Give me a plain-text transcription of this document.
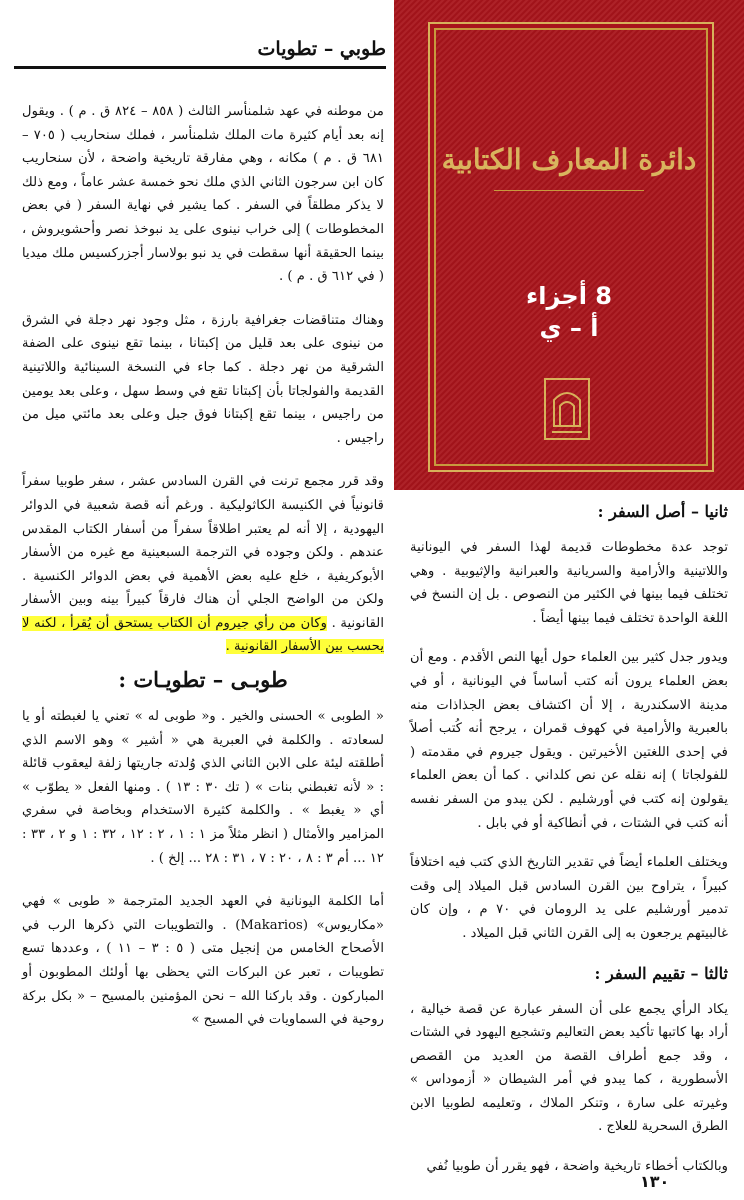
طوبي – تطويات

من موطنه في عهد شلمنأسر الثالث ( ٨٥٨ – ٨٢٤ ق . م ) . ويقول إنه بعد أيام كثيرة مات الملك شلمنأسر ، فملك سنحاريب ( ٧٠٥ – ٦٨١ ق . م ) مكانه ، وهي مفارقة تاريخية واضحة ، لأن سنحاريب كان ابن سرجون الثاني الذي ملك نحو خمسة عشر عاماً ، ومع ذلك لا يذكر مطلقاً في السفر . كما يشير في نهاية السفر ( في بعض المخطوطات ) إلى خراب نينوى على يد نبوخذ نصر وأحشويروش ، بينما الحقيقة أنها سقطت في يد نبو بولاسار أجزركسيس ملك ميديا ( في ٦١٢ ق . م ) .

وهناك متناقضات جغرافية بارزة ، مثل وجود نهر دجلة في الشرق من نينوى على بعد قليل من إكبتانا ، بينما تقع نينوى على الضفة الشرقية من نهر دجلة . كما جاء في النسخة السينائية واللاتينية القديمة والفولجاتا بأن إكبتانا تقع في وسط سهل ، وعلى بعد يومين من راجيس ، بينما تقع إكبتانا فوق جبل وعلى بعد مائتي ميل من راجيس .

وقد قرر مجمع ترنت في القرن السادس عشر ، سفر طوبيا سفراً قانونياً في الكنيسة الكاثوليكية . ورغم أنه قصة شعبية في الدوائر اليهودية ، إلا أنه لم يعتبر اطلاقاً سفراً من أسفار الكتاب المقدس عندهم . ولكن وجوده في الترجمة السبعينية مع غيره من الأسفار الأبوكريفية ، خلع عليه بعض الأهمية في بعض الدوائر الكنسية . ولكن من الواضح الجلي أن هناك فارقاً كبيراً بينه وبين الأسفار القانونية . وكان من رأي جيروم أن الكتاب يستحق أن يُقرأ ، لكنه لا يحسب بين الأسفار القانونية .

طوبـى – تطويـات :

« الطوبى » الحسنى والخير . و« طوبى له » تعني يا لغبطته أو يا لسعادته . والكلمة في العبرية هي « أشير » وهو الاسم الذي أطلقته ليئة على الابن الثاني الذي وُلدته جاريتها زلفة ليعقوب قائلة : « لأنه تغبطني بنات » ( تك ٣٠ : ١٣ ) . ومنها الفعل « يطوّب » أي « يغبط » . والكلمة كثيرة الاستخدام وبخاصة في سفري المزامير والأمثال ( انظر مثلاً مز ١ : ١ ، ٢ : ١٢ ، ٣٢ : ١ و ٢ ، ٣٣ : ١٢ ... أم ٣ : ٨ ، ٢٠ : ٧ ، ٣١ : ٢٨ ... إلخ ) .

أما الكلمة اليونانية في العهد الجديد المترجمة « طوبى » فهي «مكاريوس» (Makarios) . والتطويبات التي ذكرها الرب في الأصحاح الخامس من إنجيل متى ( ٥ : ٣ – ١١ ) ، وعددها تسع تطويبات ، تعبر عن البركات التي يحظى بها أولئك المطوبون أو المباركون . وقد باركنا الله – نحن المؤمنين بالمسيح – « بكل بركة روحية في السماويات في المسيح »

دائرة المعارف الكتابية
8 أجزاء
أ – ي
ثانيا – أصل السفر :

توجد عدة مخطوطات قديمة لهذا السفر في اليونانية واللاتينية والأرامية والسريانية والعبرانية والإثيوبية . وهي تختلف فيما بينها في الكثير من النصوص . بل إن النسخ في اللغة الواحدة تختلف فيما بينها أيضاً .

ويدور جدل كثير بين العلماء حول أيها النص الأقدم . ومع أن بعض العلماء يرون أنه كتب أساساً في اليونانية ، أو في مدينة الاسكندرية ، إلا أن اكتشاف بعض الجذاذات منه بالعبرية والأرامية في كهوف قمران ، يرجح أنه كُتب أصلاً في إحدى اللغتين الأخيرتين . ويقول جيروم في مقدمته ( للفولجاتا ) إنه نقله عن نص كلداني . كما أن بعض العلماء يقولون إنه كتب في أورشليم . لكن يبدو من السفر نفسه أنه كتب في الشتات ، في أنطاكية أو في بابل .

ويختلف العلماء أيضاً في تقدير التاريخ الذي كتب فيه اختلافاً كبيراً ، يتراوح بين القرن السادس قبل الميلاد إلى وقت تدمير أورشليم على يد الرومان في ٧٠ م ، وإن كان غالبيتهم يرجعون به إلى القرن الثاني قبل الميلاد .

ثالثا – تقييم السفر :

يكاد الرأي يجمع على أن السفر عبارة عن قصة خيالية ، أراد بها كاتبها تأكيد بعض التعاليم وتشجيع اليهود في الشتات ، وقد جمع أطراف القصة من العديد من القصص الأسطورية ، كما يبدو في أمر الشيطان « أزموداس » وغيرته على سارة ، وتنكر الملاك ، وتعليمه لطوبيا الابن الطرق السحرية للعلاج .

وبالكتاب أخطاء تاريخية واضحة ، فهو يقرر أن طوبيا نُفي

١٣٠
